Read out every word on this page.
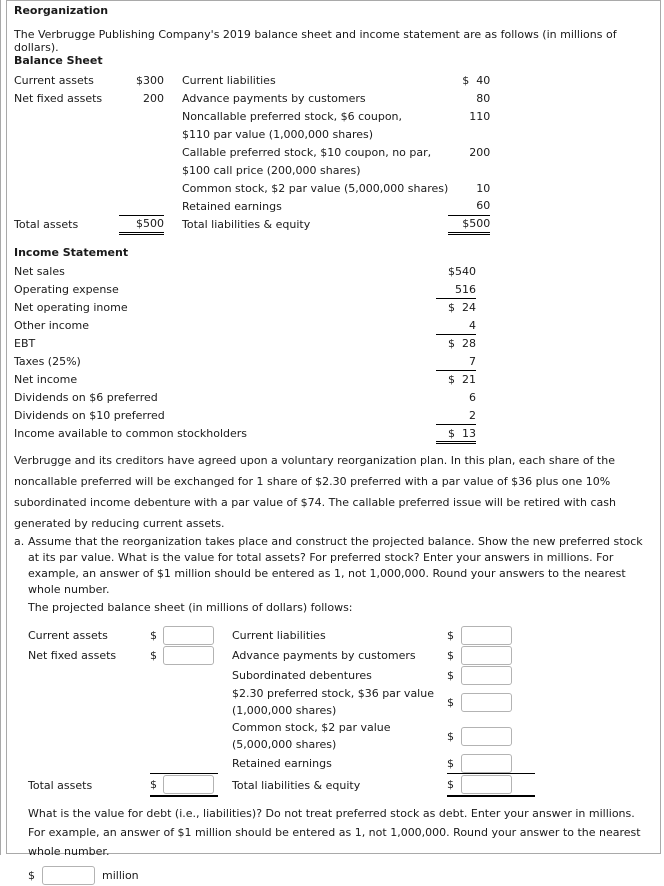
Reorganization
The Verbrugge Publishing Company's 2019 balance sheet and income statement are as follows (in millions of dollars).
Balance Sheet
Current assets	$300		Current liabilities	$  40
Net fixed assets	200		Advance payments by customers	80
			Noncallable preferred stock, $6 coupon,	110
			$110 par value (1,000,000 shares)	
			Callable preferred stock, $10 coupon, no par,	200
			$100 call price (200,000 shares)	
			Common stock, $2 par value (5,000,000 shares)	10
			Retained earnings	60
Total assets	$500		Total liabilities & equity	$500
Income Statement
Net sales	$540
Operating expense	516
Net operating inome	$  24
Other income	4
EBT	$  28
Taxes (25%)	7
Net income	$  21
Dividends on $6 preferred	6
Dividends on $10 preferred	2
Income available to common stockholders	$  13
Verbrugge and its creditors have agreed upon a voluntary reorganization plan. In this plan, each share of the noncallable preferred will be exchanged for 1 share of $2.30 preferred with a par value of $36 plus one 10% subordinated income debenture with a par value of $74. The callable preferred issue will be retired with cash generated by reducing current assets.
a. Assume that the reorganization takes place and construct the projected balance. Show the new preferred stock at its par value. What is the value for total assets? For preferred stock? Enter your answers in millions. For example, an answer of $1 million should be entered as 1, not 1,000,000. Round your answers to the nearest whole number.
The projected balance sheet (in millions of dollars) follows:
Current assets	$	Current liabilities	$
Net fixed assets	$	Advance payments by customers	$
Subordinated debentures	$
$2.30 preferred stock, $36 par value
(1,000,000 shares)
$
Common stock, $2 par value
(5,000,000 shares)
$
Retained earnings	$
Total assets	$	Total liabilities & equity	$
What is the value for debt (i.e., liabilities)? Do not treat preferred stock as debt. Enter your answer in millions. For example, an answer of $1 million should be entered as 1, not 1,000,000. Round your answer to the nearest whole number.
$	million
